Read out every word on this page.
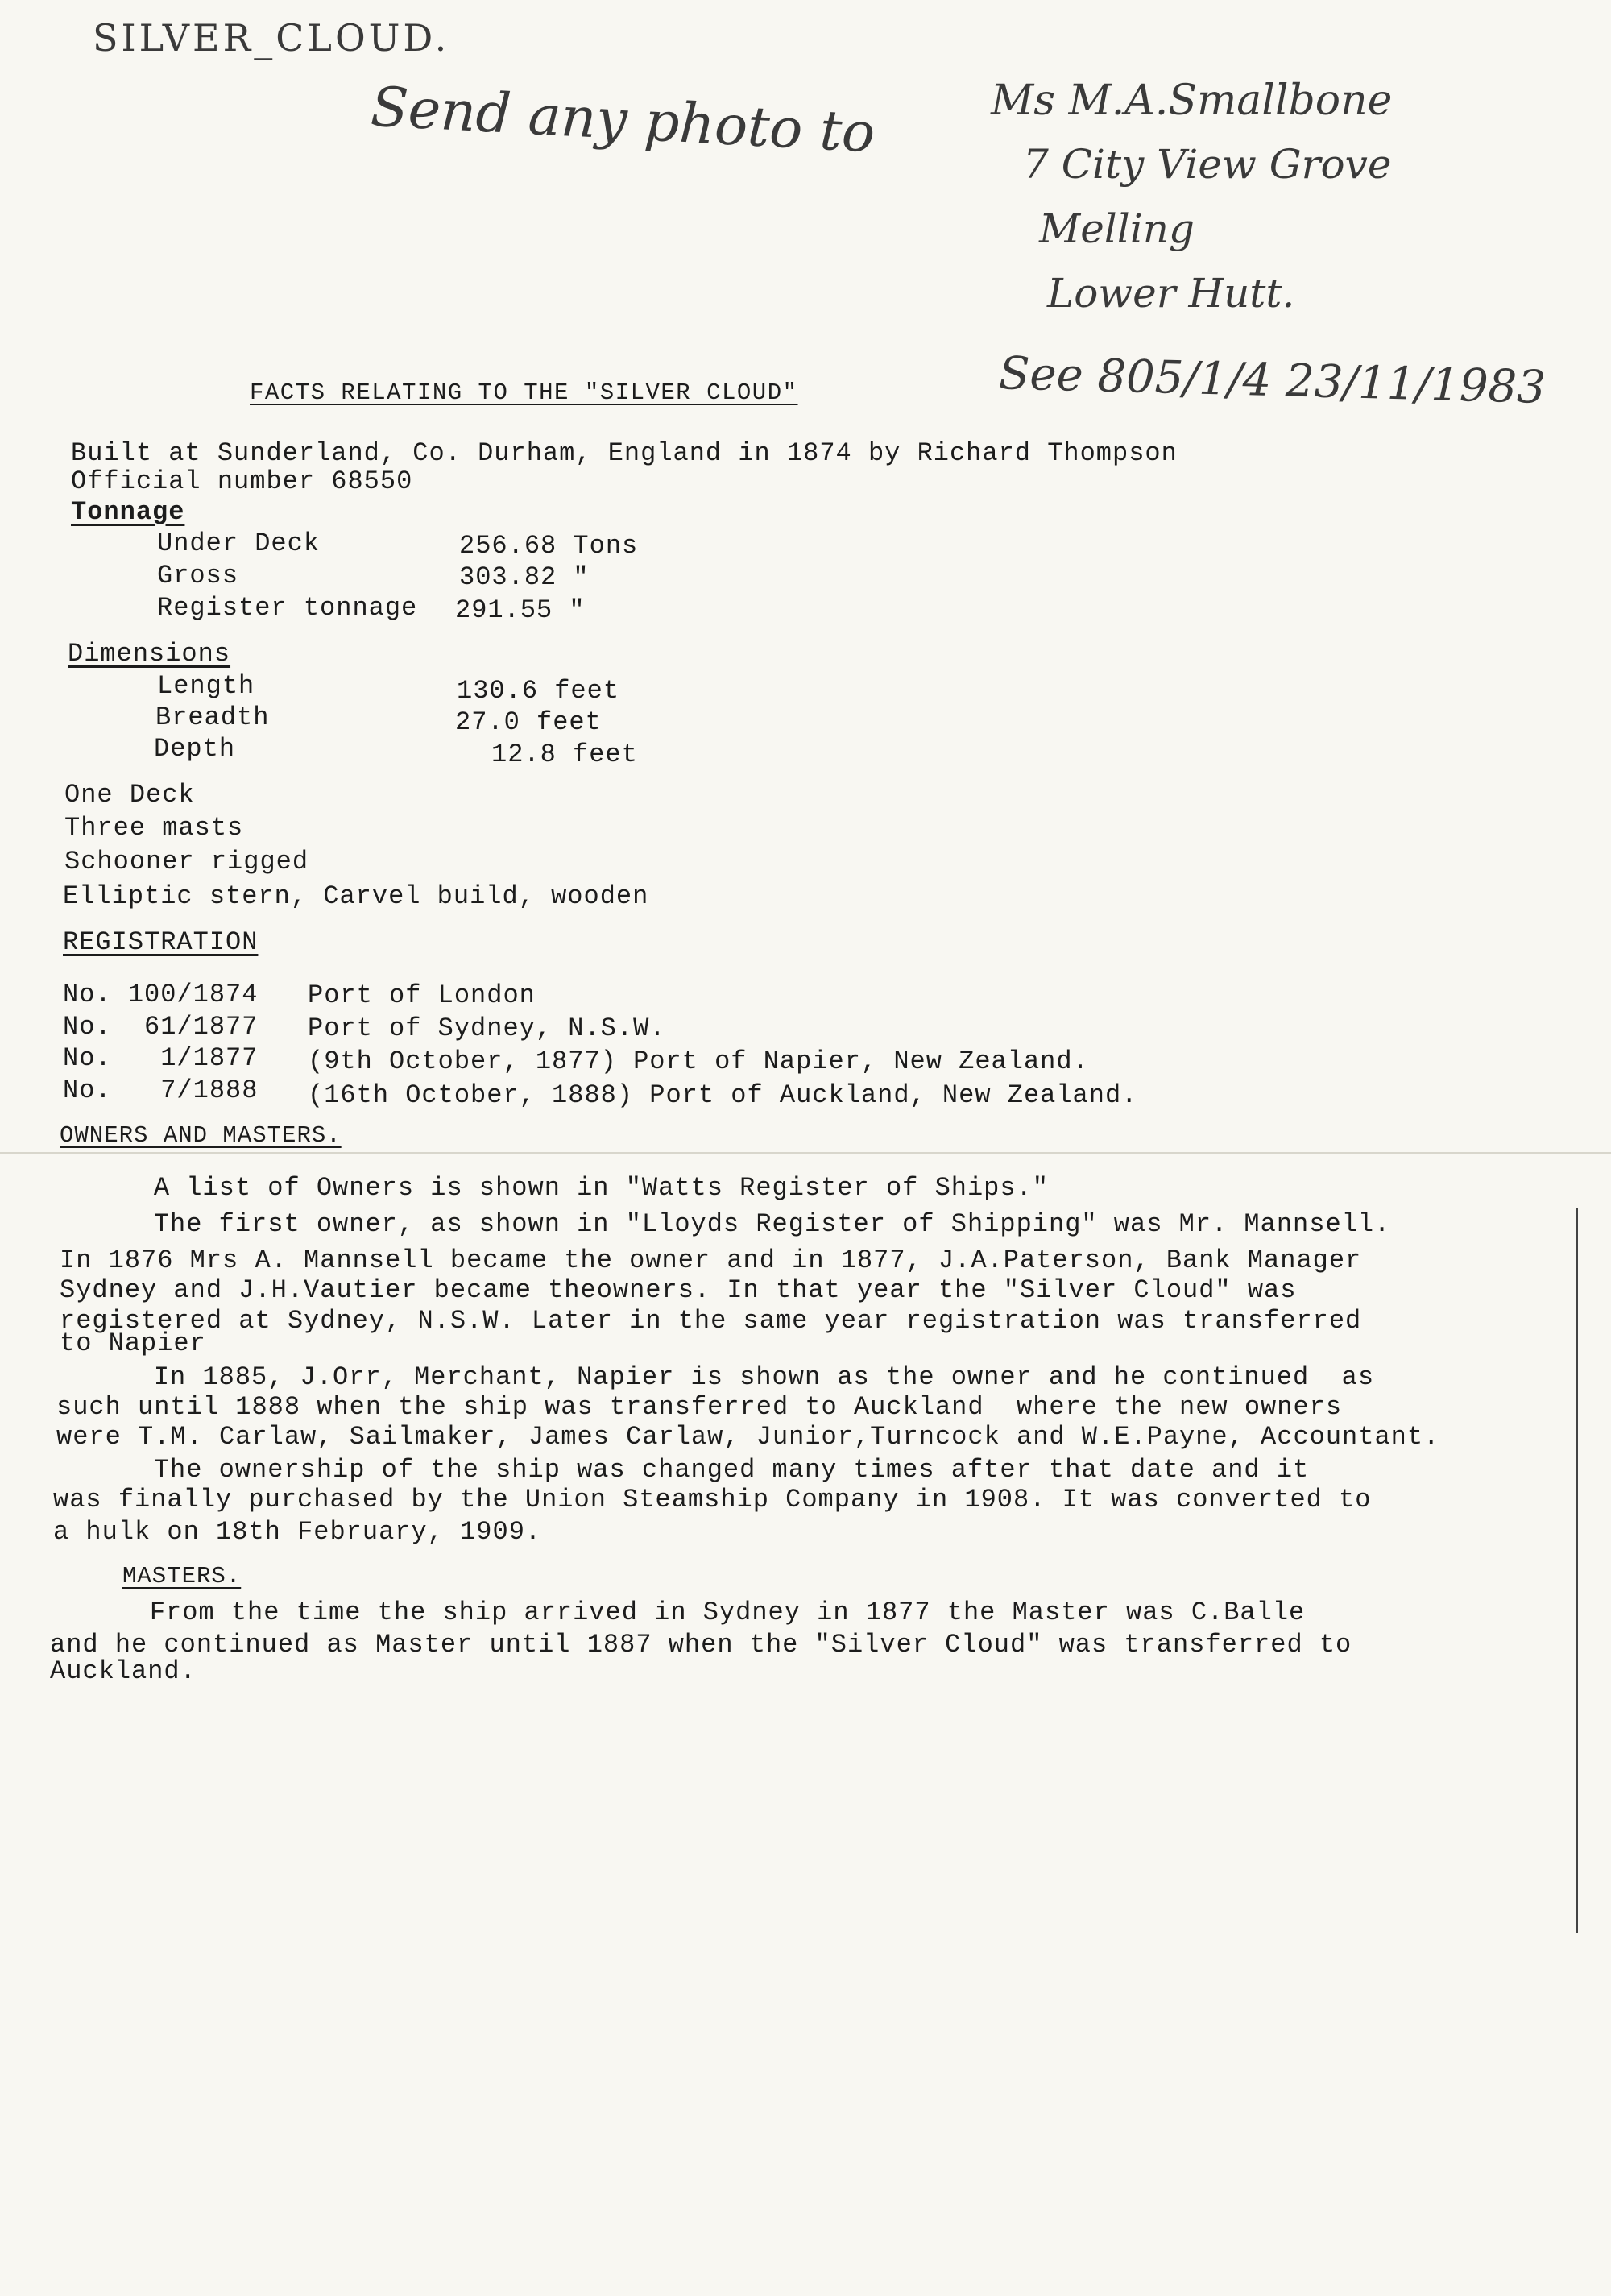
SILVER_CLOUD.
Send any photo to	Ms M.A.Smallbone
7 City View Grove
Melling
Lower Hutt.
See 805/1/4 23/11/1983
FACTS RELATING TO THE "SILVER CLOUD"
Built at Sunderland, Co. Durham, England in 1874 by Richard Thompson
Official number 68550
Tonnage
Under Deck	256.68 Tons
Gross	303.82 "
Register tonnage 291.55 "
Dimensions
Length	130.6 feet
Breadth	27.0 feet
Depth	12.8 feet
One Deck
Three masts
Schooner rigged
Elliptic stern, Carvel build, wooden
REGISTRATION
No. 100/1874 Port of London
No.  61/1877 Port of Sydney, N.S.W.
No.   1/1877 (9th October, 1877) Port of Napier, New Zealand.
No.   7/1888 (16th October, 1888) Port of Auckland, New Zealand.
OWNERS AND MASTERS.
A list of Owners is shown in "Watts Register of Ships."
The first owner, as shown in "Lloyds Register of Shipping" was Mr. Mannsell.
In 1876 Mrs A. Mannsell became the owner and in 1877, J.A.Paterson, Bank Manager
Sydney and J.H.Vautier became theowners. In that year the "Silver Cloud" was
registered at Sydney, N.S.W. Later in the same year registration was transferred
to Napier
In 1885, J.Orr, Merchant, Napier is shown as the owner and he continued  as
such until 1888 when the ship was transferred to Auckland  where the new owners
were T.M. Carlaw, Sailmaker, James Carlaw, Junior,Turncock and W.E.Payne, Accountant.
The ownership of the ship was changed many times after that date and it
was finally purchased by the Union Steamship Company in 1908. It was converted to
a hulk on 18th February, 1909.
MASTERS.
From the time the ship arrived in Sydney in 1877 the Master was C.Balle
and he continued as Master until 1887 when the "Silver Cloud" was transferred to
Auckland.
